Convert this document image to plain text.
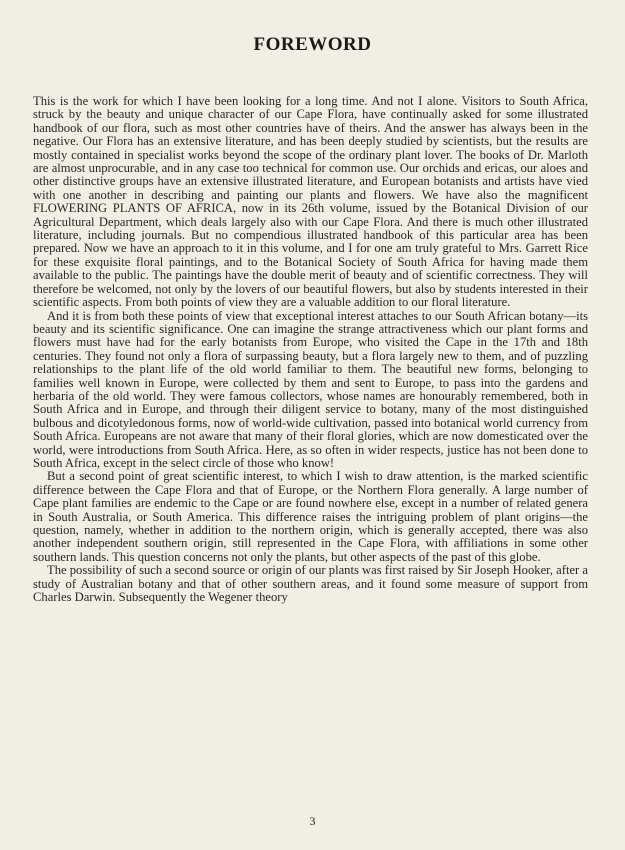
FOREWORD

This is the work for which I have been looking for a long time. And not I alone. Visitors to South Africa, struck by the beauty and unique character of our Cape Flora, have continually asked for some illustrated handbook of our flora, such as most other countries have of theirs. And the answer has always been in the negative. Our Flora has an extensive literature, and has been deeply studied by scientists, but the results are mostly contained in specialist works beyond the scope of the ordinary plant lover. The books of Dr. Marloth are almost unprocurable, and in any case too technical for common use. Our orchids and ericas, our aloes and other distinctive groups have an extensive illustrated literature, and European botanists and artists have vied with one another in describing and painting our plants and flowers. We have also the magnificent FLOWERING PLANTS OF AFRICA, now in its 26th volume, issued by the Botanical Division of our Agricultural Department, which deals largely also with our Cape Flora. And there is much other illustrated literature, including journals. But no compendious illustrated handbook of this particular area has been prepared. Now we have an approach to it in this volume, and I for one am truly grateful to Mrs. Garrett Rice for these exquisite floral paintings, and to the Botanical Society of South Africa for having made them available to the public. The paintings have the double merit of beauty and of scientific correctness. They will therefore be welcomed, not only by the lovers of our beautiful flowers, but also by students interested in their scientific aspects. From both points of view they are a valuable addition to our floral literature.

And it is from both these points of view that exceptional interest attaches to our South African botany—its beauty and its scientific significance. One can imagine the strange attractiveness which our plant forms and flowers must have had for the early botanists from Europe, who visited the Cape in the 17th and 18th centuries. They found not only a flora of surpassing beauty, but a flora largely new to them, and of puzzling relationships to the plant life of the old world familiar to them. The beautiful new forms, belonging to families well known in Europe, were collected by them and sent to Europe, to pass into the gardens and herbaria of the old world. They were famous collectors, whose names are honourably remembered, both in South Africa and in Europe, and through their diligent service to botany, many of the most distinguished bulbous and dicotyledonous forms, now of world-wide cultivation, passed into botanical world currency from South Africa. Europeans are not aware that many of their floral glories, which are now domesticated over the world, were introductions from South Africa. Here, as so often in wider respects, justice has not been done to South Africa, except in the select circle of those who know!

But a second point of great scientific interest, to which I wish to draw attention, is the marked scientific difference between the Cape Flora and that of Europe, or the Northern Flora generally. A large number of Cape plant families are endemic to the Cape or are found nowhere else, except in a number of related genera in South Australia, or South America. This difference raises the intriguing problem of plant origins—the question, namely, whether in addition to the northern origin, which is generally accepted, there was also another independent southern origin, still represented in the Cape Flora, with affiliations in some other southern lands. This question concerns not only the plants, but other aspects of the past of this globe.

The possibility of such a second source or origin of our plants was first raised by Sir Joseph Hooker, after a study of Australian botany and that of other southern areas, and it found some measure of support from Charles Darwin. Subsequently the Wegener theory

3
